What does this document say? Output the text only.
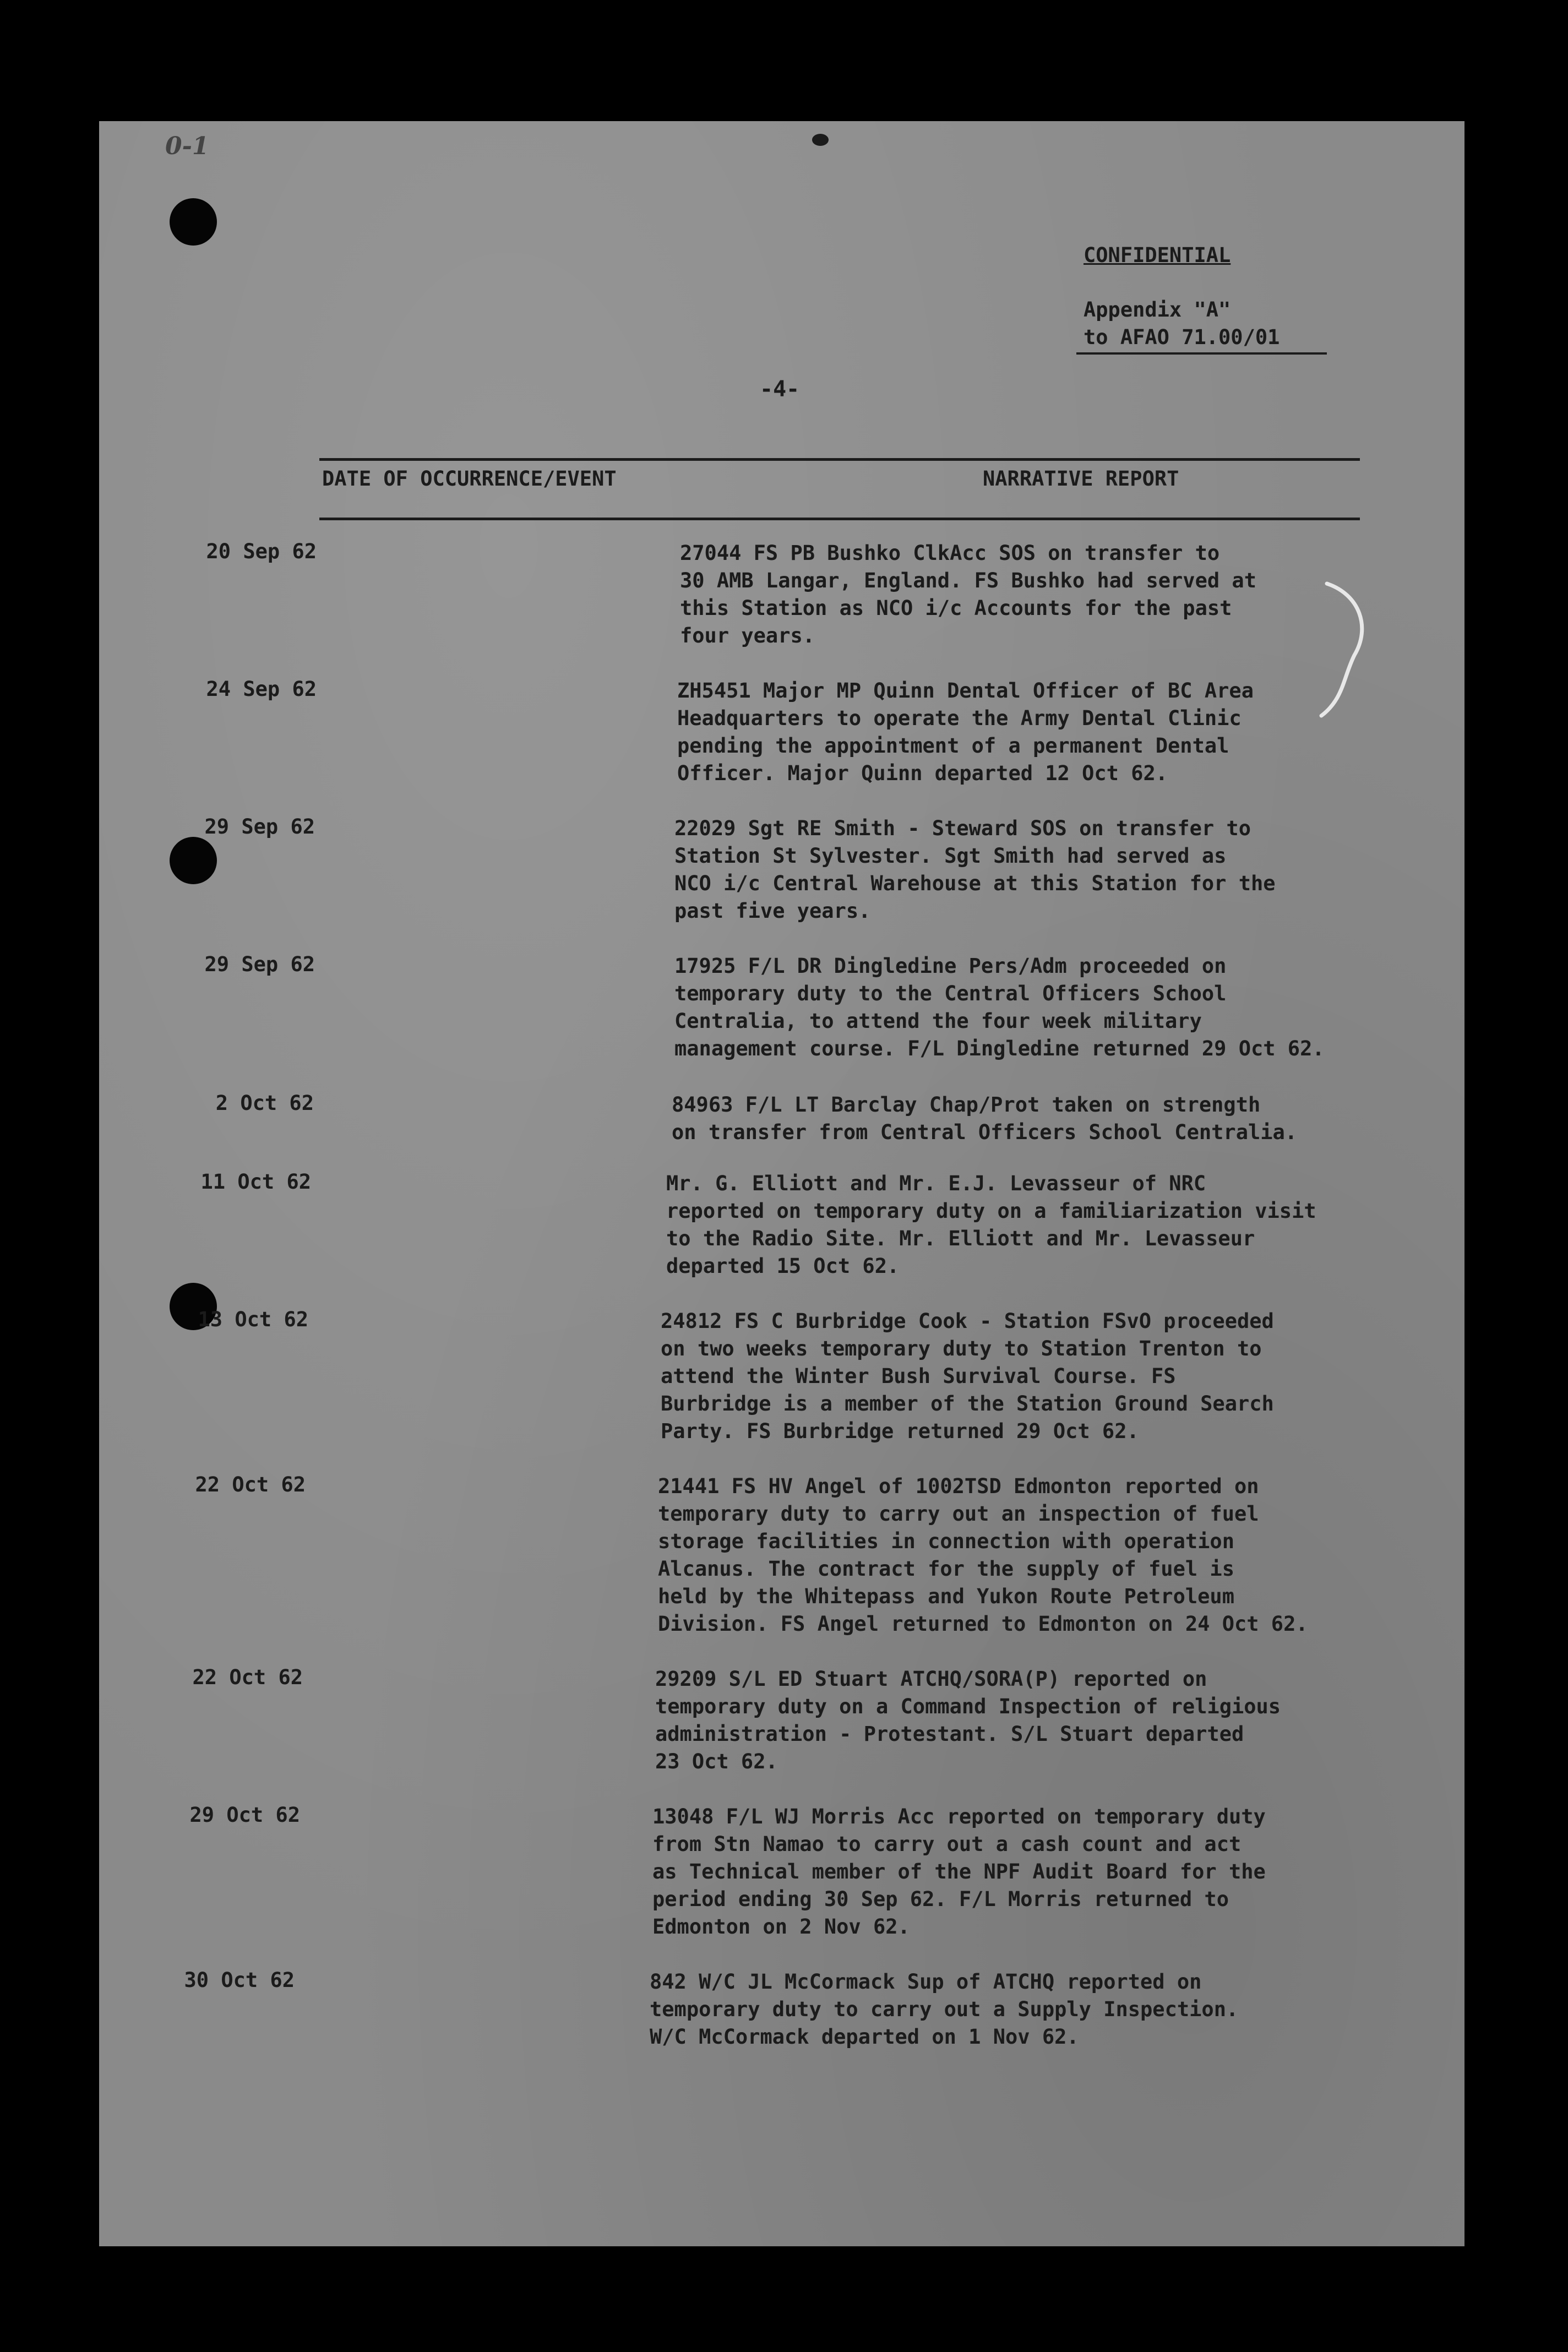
0-1
CONFIDENTIAL
Appendix "A"
to AFAO 71.00/01
-4-
DATE OF OCCURRENCE/EVENT	NARRATIVE REPORT
20 Sep 62	27044 FS PB Bushko ClkAcc SOS on transfer to
30 AMB Langar, England. FS Bushko had served at
this Station as NCO i/c Accounts for the past
four years.
24 Sep 62	ZH5451 Major MP Quinn Dental Officer of BC Area
Headquarters to operate the Army Dental Clinic
pending the appointment of a permanent Dental
Officer. Major Quinn departed 12 Oct 62.
29 Sep 62	22029 Sgt RE Smith - Steward SOS on transfer to
Station St Sylvester. Sgt Smith had served as
NCO i/c Central Warehouse at this Station for the
past five years.
29 Sep 62	17925 F/L DR Dingledine Pers/Adm proceeded on
temporary duty to the Central Officers School
Centralia, to attend the four week military
management course. F/L Dingledine returned 29 Oct 62.
2 Oct 62	84963 F/L LT Barclay Chap/Prot taken on strength
on transfer from Central Officers School Centralia.
11 Oct 62	Mr. G. Elliott and Mr. E.J. Levasseur of NRC
reported on temporary duty on a familiarization visit
to the Radio Site. Mr. Elliott and Mr. Levasseur
departed 15 Oct 62.
13 Oct 62	24812 FS C Burbridge Cook - Station FSvO proceeded
on two weeks temporary duty to Station Trenton to
attend the Winter Bush Survival Course. FS
Burbridge is a member of the Station Ground Search
Party. FS Burbridge returned 29 Oct 62.
22 Oct 62	21441 FS HV Angel of 1002TSD Edmonton reported on
temporary duty to carry out an inspection of fuel
storage facilities in connection with operation
Alcanus. The contract for the supply of fuel is
held by the Whitepass and Yukon Route Petroleum
Division. FS Angel returned to Edmonton on 24 Oct 62.
22 Oct 62	29209 S/L ED Stuart ATCHQ/SORA(P) reported on
temporary duty on a Command Inspection of religious
administration - Protestant. S/L Stuart departed
23 Oct 62.
29 Oct 62	13048 F/L WJ Morris Acc reported on temporary duty
from Stn Namao to carry out a cash count and act
as Technical member of the NPF Audit Board for the
period ending 30 Sep 62. F/L Morris returned to
Edmonton on 2 Nov 62.
30 Oct 62	842 W/C JL McCormack Sup of ATCHQ reported on
temporary duty to carry out a Supply Inspection.
W/C McCormack departed on 1 Nov 62.
